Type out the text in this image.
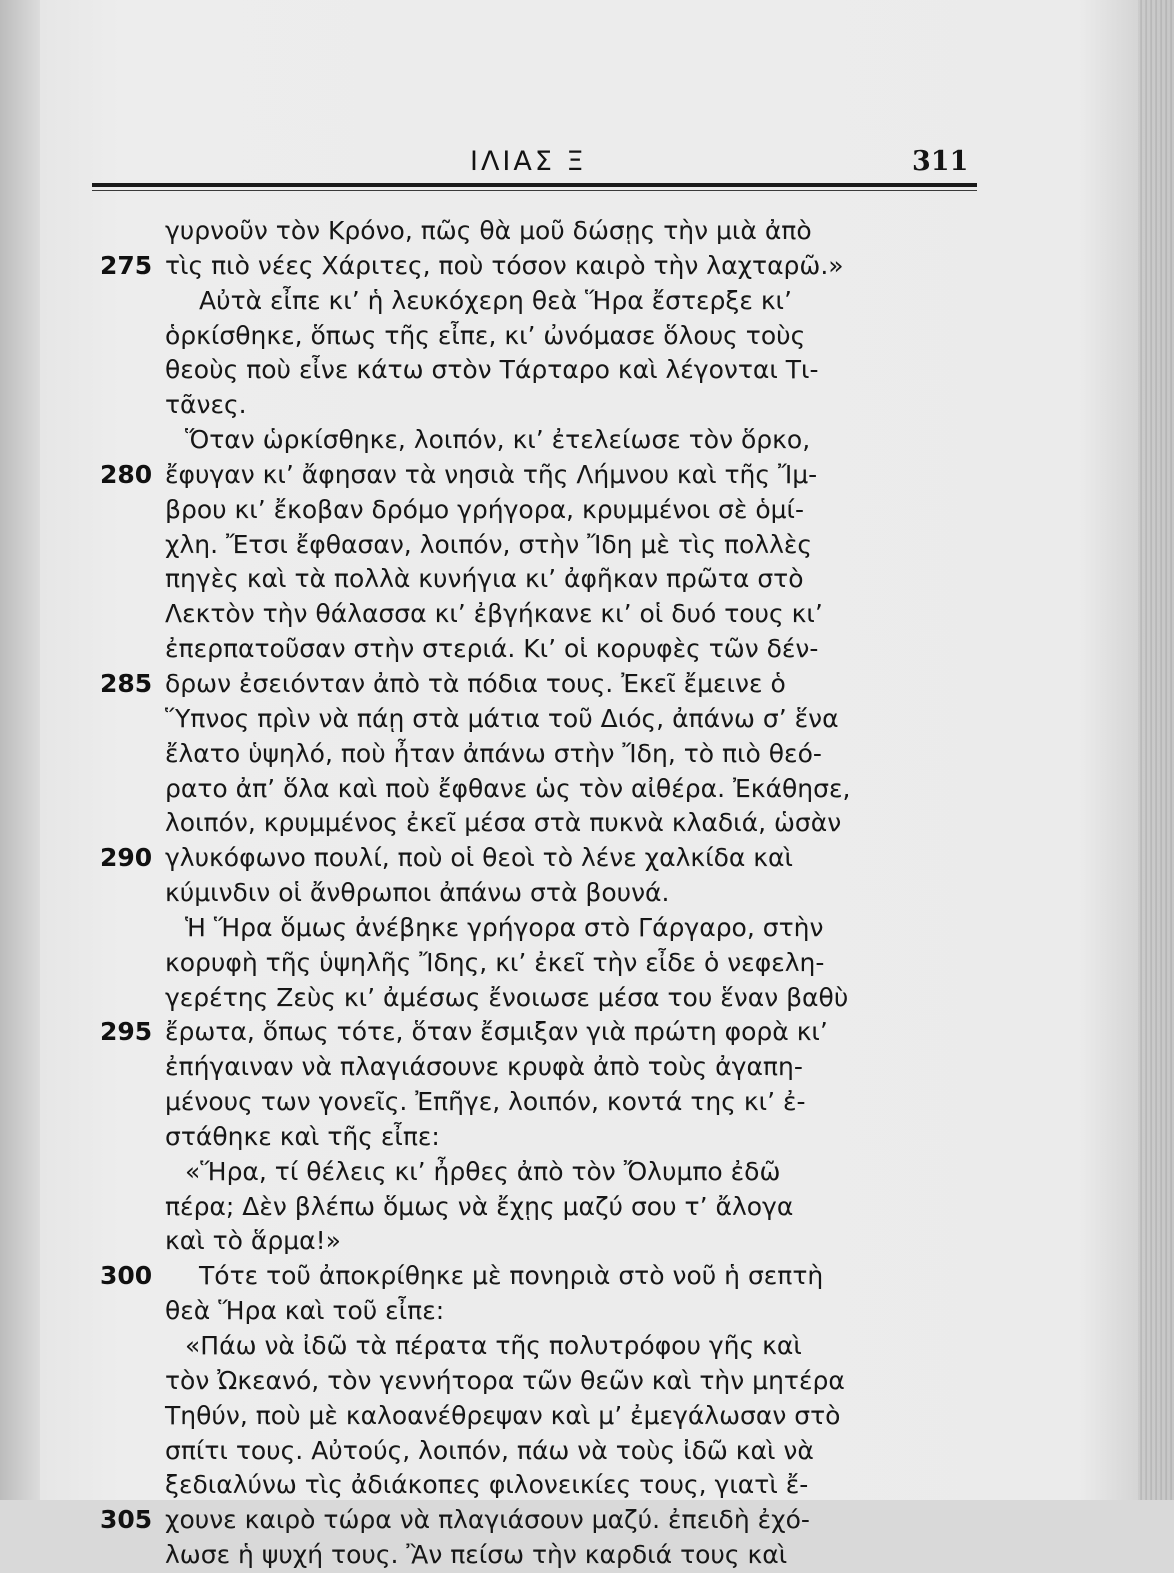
ΙΛΙΑΣ Ξ	311
γυρνοῦν τὸν Κρόνο, πῶς θὰ μοῦ δώσῃς τὴν μιὰ ἀπὸ
275 τὶς πιὸ νέες Χάριτες, ποὺ τόσον καιρὸ τὴν λαχταρῶ.»
Αὐτὰ εἶπε κι’ ἡ λευκόχερη θεὰ Ἥρα ἔστερξε κι’
ὁρκίσθηκε, ὅπως τῆς εἶπε, κι’ ὠνόμασε ὅλους τοὺς
θεοὺς ποὺ εἶνε κάτω στὸν Τάρταρο καὶ λέγονται Τι-
τᾶνες.
Ὅταν ὡρκίσθηκε, λοιπόν, κι’ ἐτελείωσε τὸν ὅρκο,
280 ἔφυγαν κι’ ἄφησαν τὰ νησιὰ τῆς Λήμνου καὶ τῆς Ἴμ-
βρου κι’ ἔκοβαν δρόμο γρήγορα, κρυμμένοι σὲ ὁμί-
χλη. Ἔτσι ἔφθασαν, λοιπόν, στὴν Ἴδη μὲ τὶς πολλὲς
πηγὲς καὶ τὰ πολλὰ κυνήγια κι’ ἀφῆκαν πρῶτα στὸ
Λεκτὸν τὴν θάλασσα κι’ ἐβγήκανε κι’ οἱ δυό τους κι’
ἐπερπατοῦσαν στὴν στεριά. Κι’ οἱ κορυφὲς τῶν δέν-
285 δρων ἐσειόνταν ἀπὸ τὰ πόδια τους. Ἐκεῖ ἔμεινε ὁ
Ὕπνος πρὶν νὰ πάῃ στὰ μάτια τοῦ Διός, ἀπάνω σ’ ἕνα
ἔλατο ὑψηλό, ποὺ ἦταν ἀπάνω στὴν Ἴδη, τὸ πιὸ θεό-
ρατο ἀπ’ ὅλα καὶ ποὺ ἔφθανε ὡς τὸν αἰθέρα. Ἐκάθησε,
λοιπόν, κρυμμένος ἐκεῖ μέσα στὰ πυκνὰ κλαδιά, ὡσὰν
290 γλυκόφωνο πουλί, ποὺ οἱ θεοὶ τὸ λένε χαλκίδα καὶ
κύμινδιν οἱ ἄνθρωποι ἀπάνω στὰ βουνά.
Ἡ Ἥρα ὅμως ἀνέβηκε γρήγορα στὸ Γάργαρο, στὴν
κορυφὴ τῆς ὑψηλῆς Ἴδης, κι’ ἐκεῖ τὴν εἶδε ὁ νεφελη-
γερέτης Ζεὺς κι’ ἀμέσως ἔνοιωσε μέσα του ἕναν βαθὺ
295 ἔρωτα, ὅπως τότε, ὅταν ἔσμιξαν γιὰ πρώτη φορὰ κι’
ἐπήγαιναν νὰ πλαγιάσουνε κρυφὰ ἀπὸ τοὺς ἀγαπη-
μένους των γονεῖς. Ἐπῆγε, λοιπόν, κοντά της κι’ ἐ-
στάθηκε καὶ τῆς εἶπε:
«Ἥρα, τί θέλεις κι’ ἦρθες ἀπὸ τὸν Ὄλυμπο ἐδῶ
πέρα; Δὲν βλέπω ὅμως νὰ ἔχῃς μαζύ σου τ’ ἄλογα
καὶ τὸ ἅρμα!»
300	Τότε τοῦ ἀποκρίθηκε μὲ πονηριὰ στὸ νοῦ ἡ σεπτὴ
θεὰ Ἥρα καὶ τοῦ εἶπε:
«Πάω νὰ ἰδῶ τὰ πέρατα τῆς πολυτρόφου γῆς καὶ
τὸν Ὠκεανό, τὸν γεννήτορα τῶν θεῶν καὶ τὴν μητέρα
Τηθύν, ποὺ μὲ καλοανέθρεψαν καὶ μ’ ἐμεγάλωσαν στὸ
σπίτι τους. Αὐτούς, λοιπόν, πάω νὰ τοὺς ἰδῶ καὶ νὰ
ξεδιαλύνω τὶς ἀδιάκοπες φιλονεικίες τους, γιατὶ ἔ-
305 χουνε καιρὸ τώρα νὰ πλαγιάσουν μαζύ. ἐπειδὴ ἐχό-
λωσε ἡ ψυχή τους. Ἂν πείσω τὴν καρδιά τους καὶ
